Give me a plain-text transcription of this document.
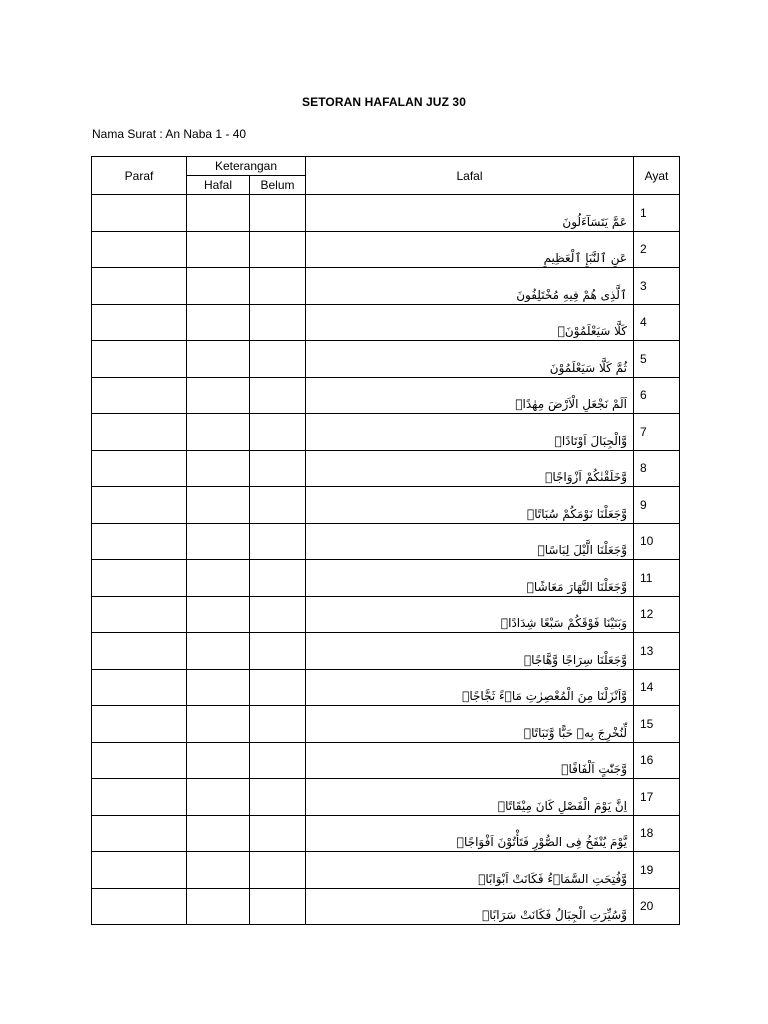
SETORAN HAFALAN JUZ 30
Nama Surat : An Naba 1 - 40
Paraf	Keterangan		Lafal	Ayat
	Hafal	Belum		
			عَمَّ يَتَسَآءَلُونَ	1
			عَنِ ٱلنَّبَإِ ٱلْعَظِيمِ	2
			ٱلَّذِى هُمْ فِيهِ مُخْتَلِفُونَ	3
			كَلَّا سَيَعْلَمُوْنَۙ	4
			ثُمَّ كَلَّا سَيَعْلَمُوْنَ	5
			اَلَمْ نَجْعَلِ الْاَرْضَ مِهٰدًاۙ	6
			وَّالْجِبَالَ اَوْتَادًاۖ	7
			وَّخَلَقْنٰكُمْ اَزْوَاجًاۙ	8
			وَّجَعَلْنَا نَوْمَكُمْ سُبَاتًاۙ	9
			وَّجَعَلْنَا الَّيْلَ لِبَاسًاۙ	10
			وَّجَعَلْنَا النَّهَارَ مَعَاشًاۚ	11
			وَبَنَيْنَا فَوْقَكُمْ سَبْعًا شِدَادًاۙ	12
			وَّجَعَلْنَا سِرَاجًا وَّهَّاجًاۖ	13
			وَّاَنْزَلْنَا مِنَ الْمُعْصِرٰتِ مَاۤءً ثَجَّاجًاۙ	14
			لِّنُخْرِجَ بِهٖ حَبًّا وَّنَبَاتًاۙ	15
			وَّجَنّٰتٍ اَلْفَافًاۗ	16
			اِنَّ يَوْمَ الْفَصْلِ كَانَ مِيْقَاتًاۙ	17
			يَّوْمَ يُنْفَخُ فِى الصُّوْرِ فَتَأْتُوْنَ اَفْوَاجًاۙ	18
			وَّفُتِحَتِ السَّمَاۤءُ فَكَانَتْ اَبْوَابًاۙ	19
			وَّسُيِّرَتِ الْجِبَالُ فَكَانَتْ سَرَابًاۗ	20
